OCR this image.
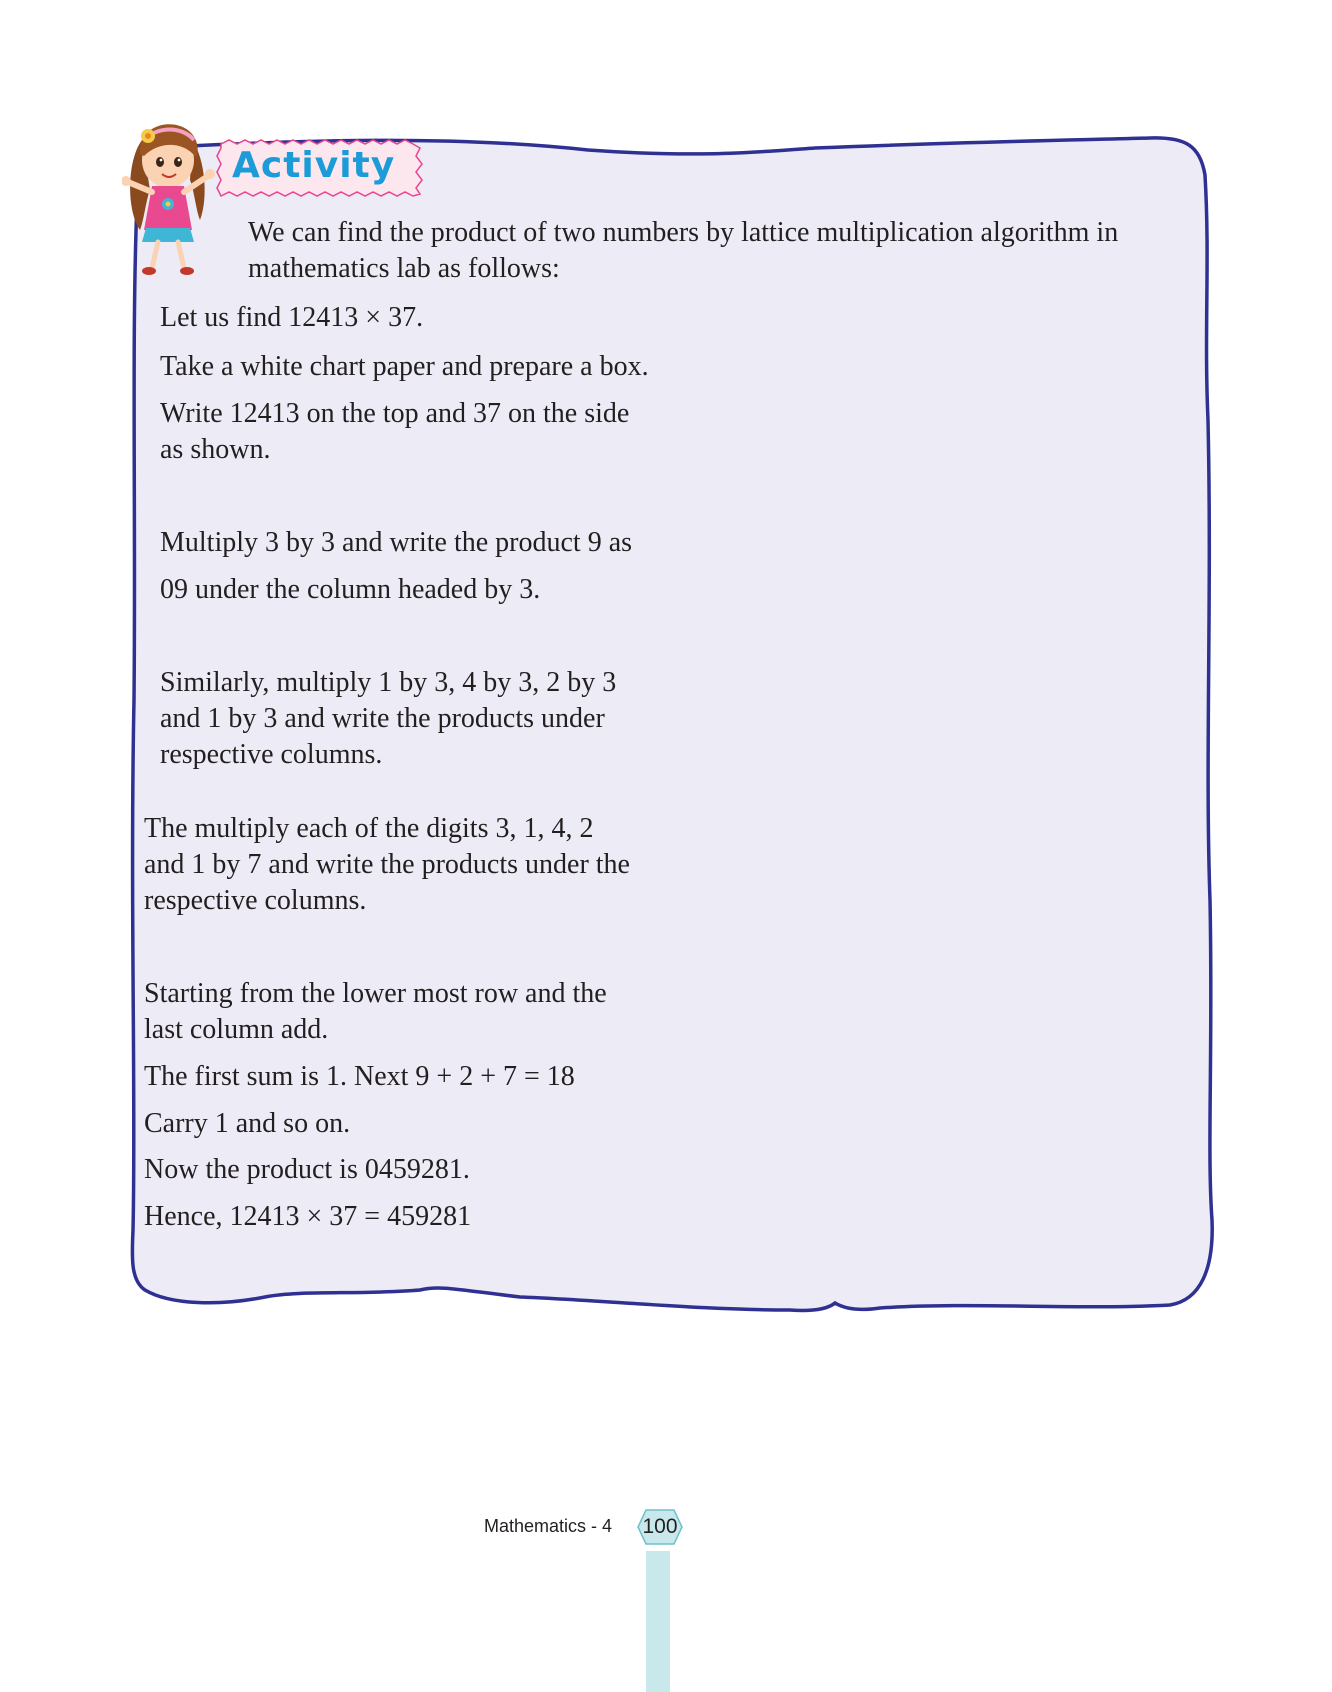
Activity

We can find the product of two numbers by lattice multiplication algorithm in

mathematics lab as follows:

Let us find 12413 × 37.

Take a white chart paper and prepare a box.

Write 12413 on the top and 37 on the side

as shown.

Multiply 3 by 3 and write the product 9 as

09 under the column headed by 3.

Similarly, multiply 1 by 3, 4 by 3, 2 by 3

and 1 by 3 and write the products under

respective columns.

The multiply each of the digits 3, 1, 4, 2

and 1 by 7 and write the products under the

respective columns.

Starting from the lower most row and the

last column add.

The first sum is 1. Next 9 + 2 + 7 = 18

Carry 1 and so on.

Now the product is 0459281.

Hence, 12413 × 37 = 459281

Mathematics - 4	100
